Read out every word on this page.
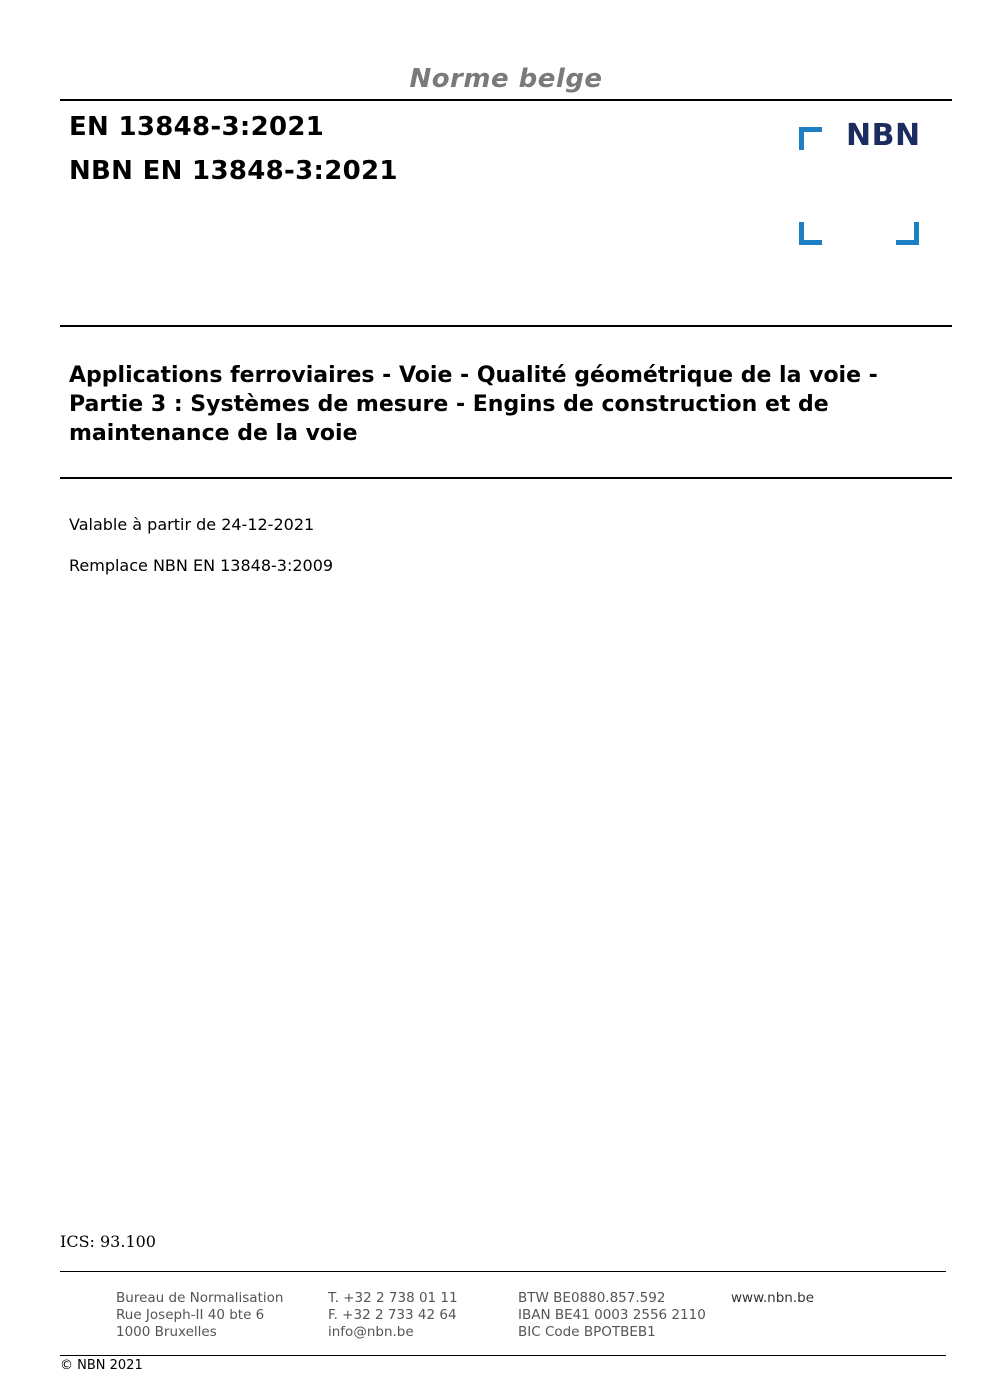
Norme belge
EN 13848-3:2021
NBN EN 13848-3:2021
NBN
Applications ferroviaires - Voie - Qualité géométrique de la voie -
Partie 3 : Systèmes de mesure - Engins de construction et de
maintenance de la voie
Valable à partir de 24-12-2021
Remplace NBN EN 13848-3:2009
ICS: 93.100
Bureau de Normalisation
Rue Joseph-II 40 bte 6
1000 Bruxelles
T. +32 2 738 01 11
F. +32 2 733 42 64
info@nbn.be
BTW BE0880.857.592
IBAN BE41 0003 2556 2110
BIC Code BPOTBEB1
www.nbn.be
© NBN 2021
